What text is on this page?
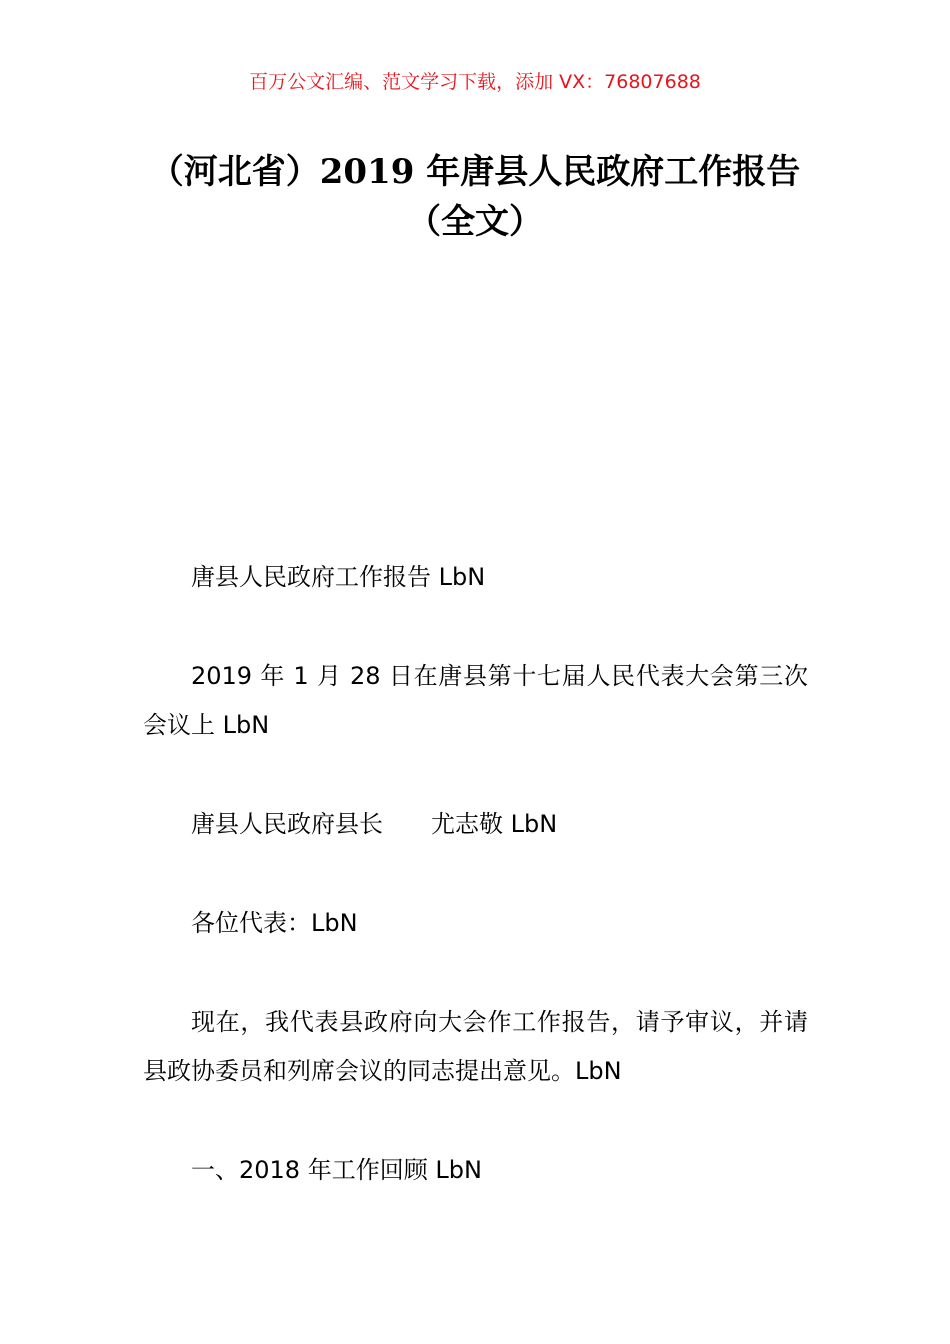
百万公文汇编、范文学习下载，添加 VX：76807688
（河北省）2019 年唐县人民政府工作报告
（全文）

唐县人民政府工作报告 LbN

2019 年 1 月 28 日在唐县第十七届人民代表大会第三次会议上 LbN

唐县人民政府县长 尤志敬 LbN

各位代表：LbN

现在，我代表县政府向大会作工作报告，请予审议，并请县政协委员和列席会议的同志提出意见。LbN

一、2018 年工作回顾 LbN
